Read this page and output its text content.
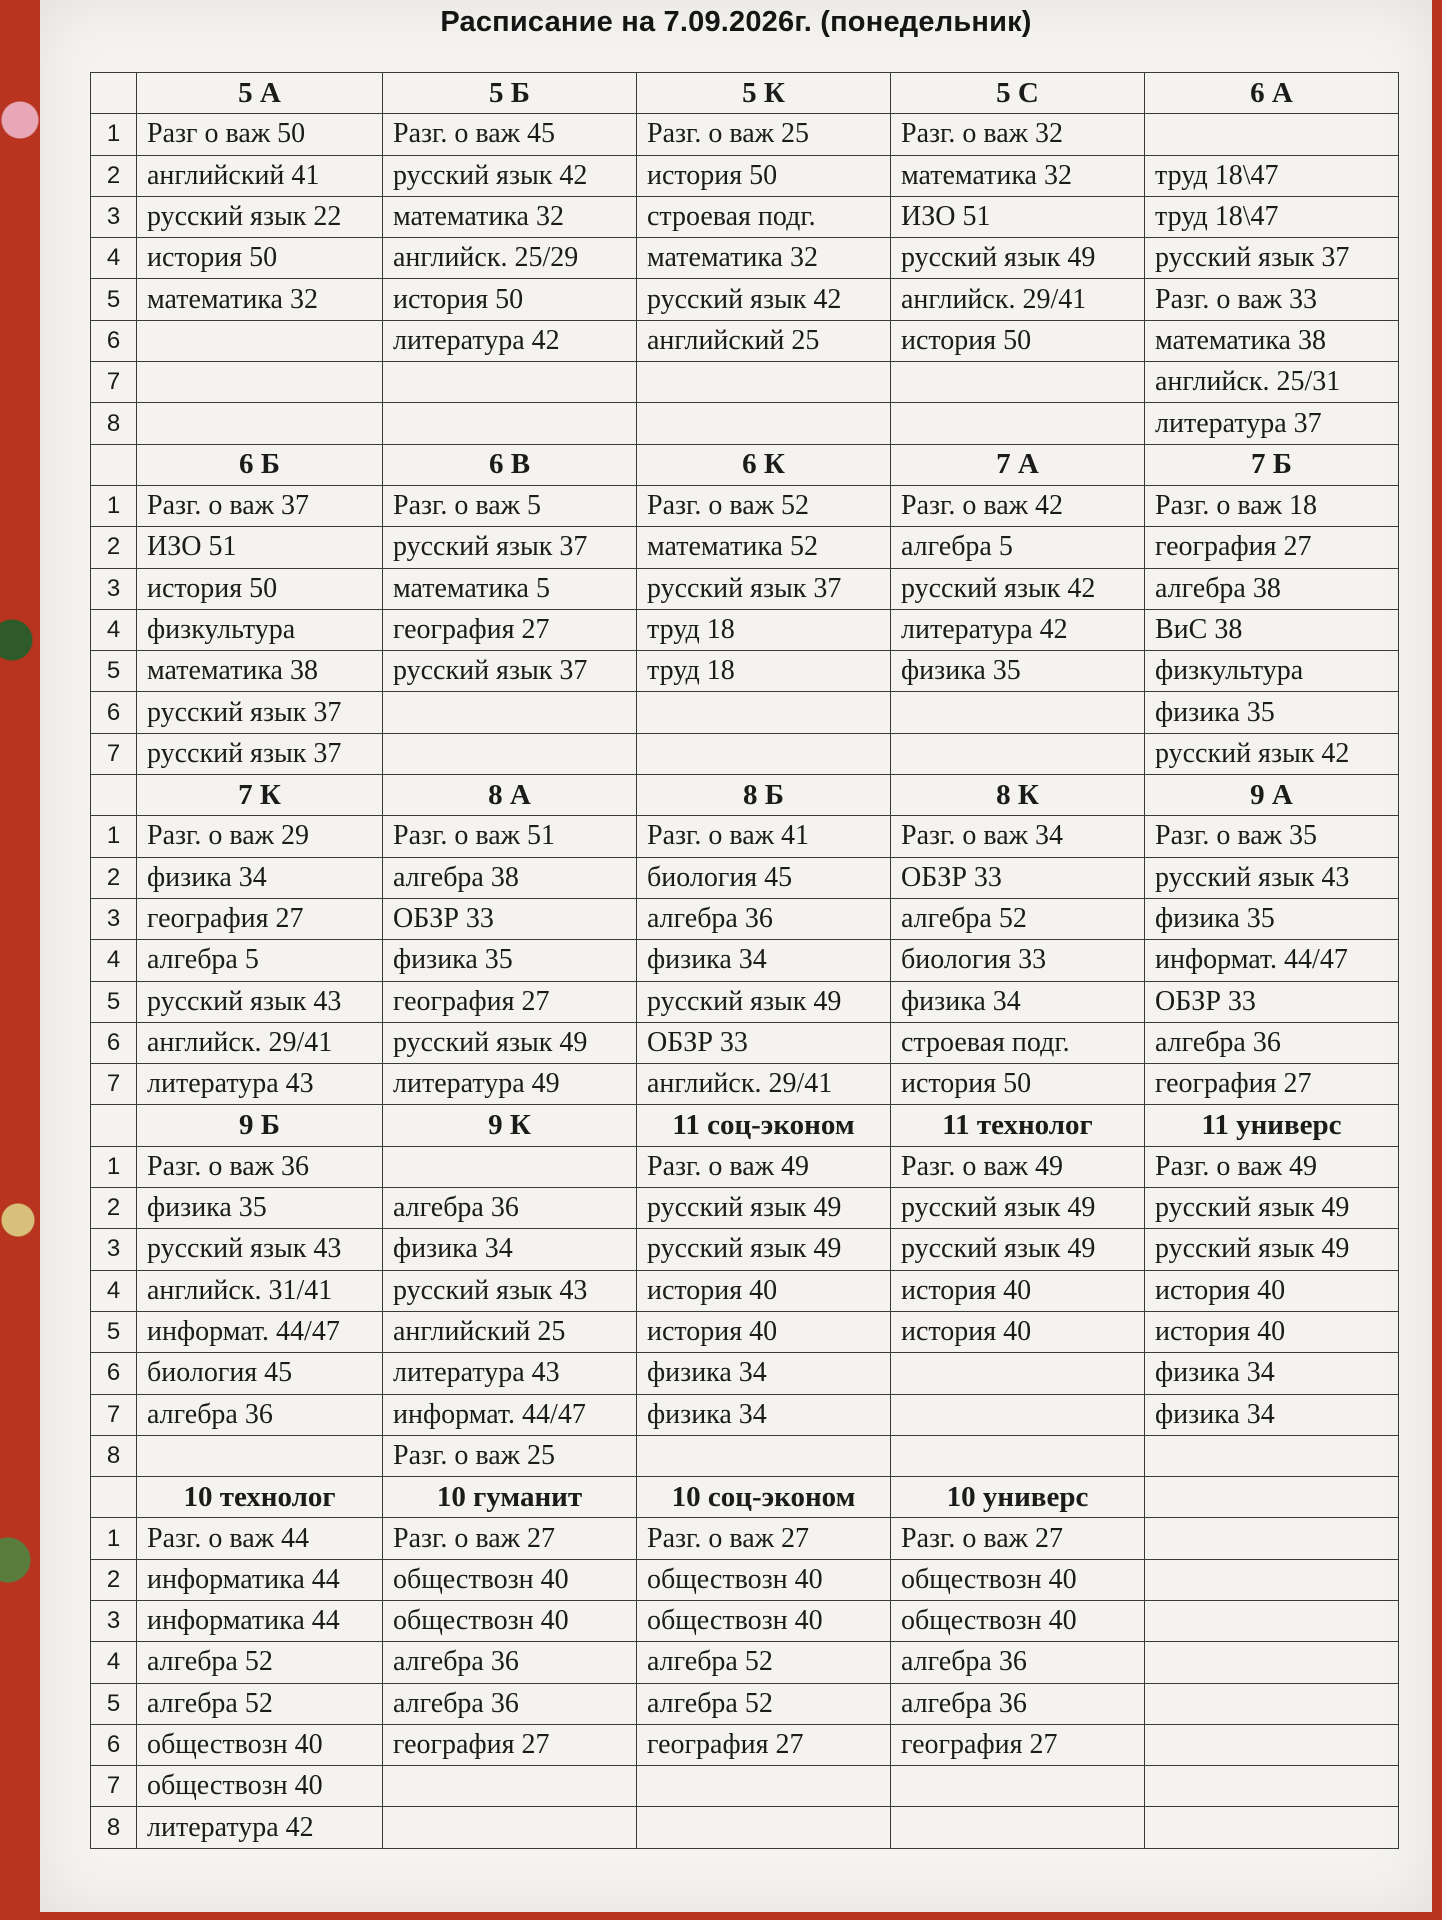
Расписание на 7.09.2026г. (понедельник)
	5 А	5 Б	5 К	5 С	6 А
1	Разг о важ 50	Разг. о важ 45	Разг. о важ 25	Разг. о важ 32	
2	английский 41	русский язык 42	история 50	математика 32	труд 18\47
3	русский язык 22	математика 32	строевая подг.	ИЗО 51	труд 18\47
4	история 50	английск. 25/29	математика 32	русский язык 49	русский язык 37
5	математика 32	история 50	русский язык 42	английск. 29/41	Разг. о важ 33
6		литература 42	английский 25	история 50	математика 38
7					английск. 25/31
8					литература 37
	6 Б	6 В	6 К	7 А	7 Б
1	Разг. о важ 37	Разг. о важ 5	Разг. о важ 52	Разг. о важ 42	Разг. о важ 18
2	ИЗО 51	русский язык 37	математика 52	алгебра 5	география 27
3	история 50	математика 5	русский язык 37	русский язык 42	алгебра 38
4	физкультура	география 27	труд 18	литература 42	ВиС 38
5	математика 38	русский язык 37	труд 18	физика 35	физкультура
6	русский язык 37				физика 35
7	русский язык 37				русский язык 42
	7 К	8 А	8 Б	8 К	9 А
1	Разг. о важ 29	Разг. о важ 51	Разг. о важ 41	Разг. о важ 34	Разг. о важ 35
2	физика 34	алгебра 38	биология 45	ОБЗР 33	русский язык 43
3	география 27	ОБЗР 33	алгебра 36	алгебра 52	физика 35
4	алгебра 5	физика 35	физика 34	биология 33	информат. 44/47
5	русский язык 43	география 27	русский язык 49	физика 34	ОБЗР 33
6	английск. 29/41	русский язык 49	ОБЗР 33	строевая подг.	алгебра 36
7	литература 43	литература 49	английск. 29/41	история 50	география 27
	9 Б	9 К	11 соц-эконом	11 технолог	11 универс
1	Разг. о важ 36		Разг. о важ 49	Разг. о важ 49	Разг. о важ 49
2	физика 35	алгебра 36	русский язык 49	русский язык 49	русский язык 49
3	русский язык 43	физика 34	русский язык 49	русский язык 49	русский язык 49
4	английск. 31/41	русский язык 43	история 40	история 40	история 40
5	информат. 44/47	английский 25	история 40	история 40	история 40
6	биология 45	литература 43	физика 34		физика 34
7	алгебра 36	информат. 44/47	физика 34		физика 34
8		Разг. о важ 25			
	10 технолог	10 гуманит	10 соц-эконом	10 универс	
1	Разг. о важ 44	Разг. о важ 27	Разг. о важ 27	Разг. о важ 27	
2	информатика 44	обществозн 40	обществозн 40	обществозн 40	
3	информатика 44	обществозн 40	обществозн 40	обществозн 40	
4	алгебра 52	алгебра 36	алгебра 52	алгебра 36	
5	алгебра 52	алгебра 36	алгебра 52	алгебра 36	
6	обществозн 40	география 27	география 27	география 27	
7	обществозн 40				
8	литература 42				
